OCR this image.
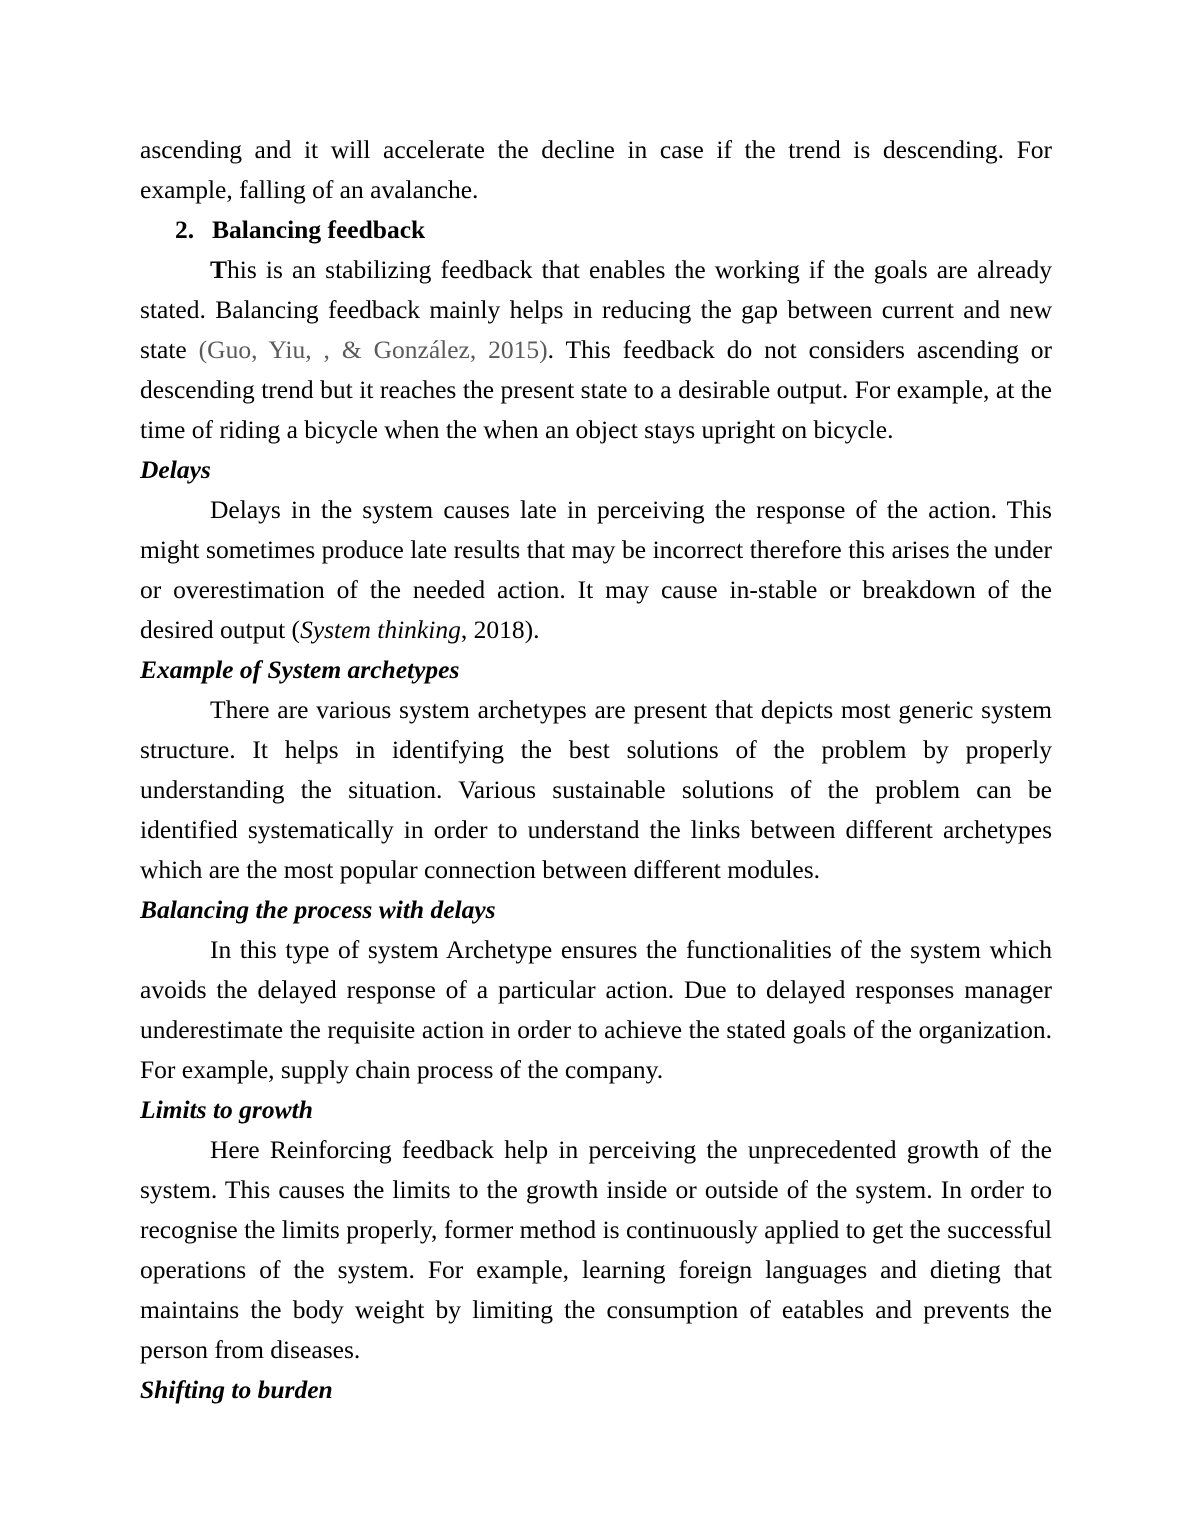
ascending and it will accelerate the decline in case if the trend is descending. For example, falling of an avalanche.

2. Balancing feedback

This is an stabilizing feedback that enables the working if the goals are already stated. Balancing feedback mainly helps in reducing the gap between current and new state (Guo, Yiu, , & González, 2015). This feedback do not considers ascending or descending trend but it reaches the present state to a desirable output. For example, at the time of riding a bicycle when the when an object stays upright on bicycle.

Delays

Delays in the system causes late in perceiving the response of the action. This might sometimes produce late results that may be incorrect therefore this arises the under or overestimation of the needed action. It may cause in-stable or breakdown of the desired output (System thinking, 2018).

Example of System archetypes

There are various system archetypes are present that depicts most generic system structure. It helps in identifying the best solutions of the problem by properly understanding the situation. Various sustainable solutions of the problem can be identified systematically in order to understand the links between different archetypes which are the most popular connection between different modules.

Balancing the process with delays

In this type of system Archetype ensures the functionalities of the system which avoids the delayed response of a particular action. Due to delayed responses manager underestimate the requisite action in order to achieve the stated goals of the organization. For example, supply chain process of the company.

Limits to growth

Here Reinforcing feedback help in perceiving the unprecedented growth of the system. This causes the limits to the growth inside or outside of the system. In order to recognise the limits properly, former method is continuously applied to get the successful operations of the system. For example, learning foreign languages and dieting that maintains the body weight by limiting the consumption of eatables and prevents the person from diseases.

Shifting to burden
